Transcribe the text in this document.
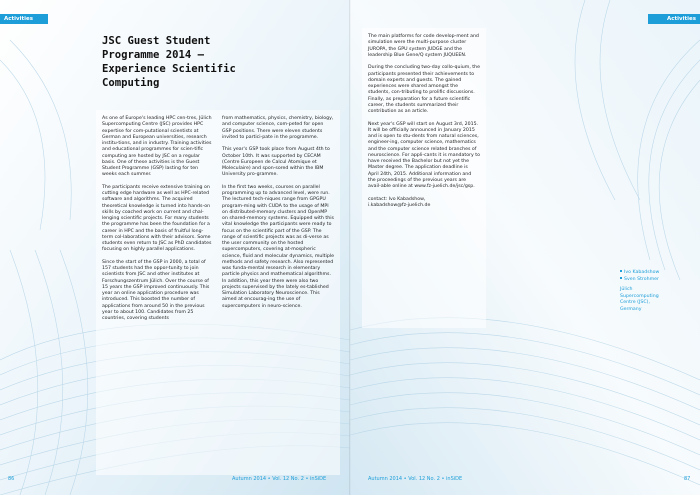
Activities
JSC Guest Student
Programme 2014 –
Experience Scientific
Computing

As one of Europe's leading HPC cen-tres, Jülich Supercomputing Centre (JSC) provides HPC expertise for com-putational scientists at German and European universities, research institu-tions, and in industry. Training activities and educational programmes for scien-tific computing are hosted by JSC on a regular basis. One of these activities is the Guest Student Programme (GSP) lasting for ten weeks each summer.

The participants receive extensive training on cutting edge hardware as well as HPC-related software and algorithms. The acquired theoretical knowledge is turned into hands-on skills by coached work on current and chal-lenging scientific projects. For many students the programme has been the foundation for a career in HPC and the basis of fruitful long-term col-laborations with their advisors. Some students even return to JSC as PhD candidates focusing on highly parallel applications.

Since the start of the GSP in 2000, a total of 157 students had the oppor-tunity to join scientists from JSC and other institutes at Forschungszentrum Jülich. Over the course of 15 years the GSP improved continuously. This year an online application procedure was introduced. This boosted the number of applications from around 50 in the previous year to about 100. Candidates from 25 countries, covering students

from mathematics, physics, chemistry, biology, and computer science, com-peted for open GSP positions. There were eleven students invited to partici-pate in the programme.

This year's GSP took place from August 4th to October 10th. It was supported by CECAM (Centre Europeen de Calcul Atomique et Moleculaire) and spon-sored within the IBM University pro-gramme.

In the first two weeks, courses on parallel programming up to advanced level, were run. The lectured tech-niques range from GPGPU program-ming with CUDA to the usage of MPI on distributed-memory clusters and OpenMP on shared-memory systems. Equipped with this vital knowledge the participants were ready to focus on the scientific part of the GSP. The range of scientific projects was as di-verse as the user community on the hosted supercomputers, covering at-mospheric science, fluid and molecular dynamics, multiple methods and safety research. Also represented was funda-mental research in elementary particle physics and mathematical algorithms. In addition, this year there were also two projects supervised by the lately es-tablished Simulation Laboratory Neuroscience. This aimed at encourag-ing the use of supercomputers in neuro-science.

86	Autumn 2014 • Vol. 12 No. 2 • inSiDE
Activities

The main platforms for code develop-ment and simulation were the multi-purpose cluster JUROPA, the GPU system JUDGE and the leadership Blue Gene/Q system JUQUEEN.

During the concluding two-day collo-quium, the participants presented their achievements to domain experts and guests. The gained experiences were shared amongst the students, con-tributing to prolific discussions. Finally, as preparation for a future scientific career, the students summarized their contribution as an article.

Next year's GSP will start on August 3rd, 2015. It will be officially announced in January 2015 and is open to stu-dents from natural sciences, engineer-ing, computer science, mathematics and the computer science related branches of neuroscience. For appli-cants it is mandatory to have received the Bachelor but not yet the Master degree. The application deadline is April 24th, 2015. Additional information and the proceedings of the previous years are avail-able online at www.fz-juelich.de/jsc/gsp.

contact: Ivo Kabadshow,
i.kabadshow@fz-juelich.de

Ivo Kabadshow
Sven Strohmer
Jülich
Supercomputing
Centre (JSC),
Germany
Autumn 2014 • Vol. 12 No. 2 • inSiDE	87
